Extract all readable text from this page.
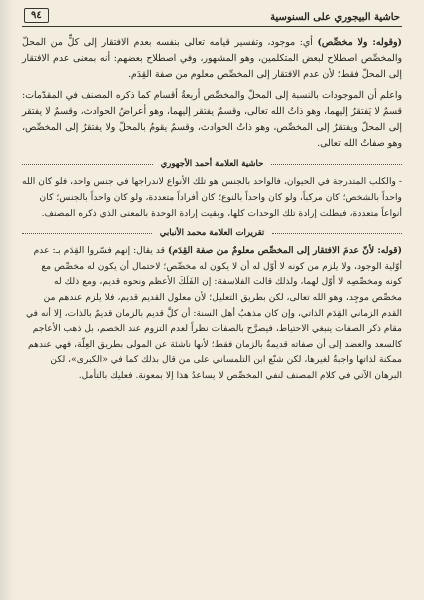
حاشية البيجوري على السنوسية
٩٤

(وقوله: ولا مخصِّص) أي: موجود، وتفسير قيامه تعالى بنفسه بعدم الافتقار إلى كلٍّ من المحلّ والمخصِّص اصطلاح لبعض المتكلمين، وهو المشهور، وفي اصطلاح بعضهم: أنه بمعنى عدم الافتقار إلى المحلّ فقط؛ لأن عدم الافتقار إلى المخصِّص معلوم من صفة القِدَم.

واعلم أن الموجودات بالنسبة إلى المحلّ والمخصِّص أربعةُ أقسام كما ذكره المصنف في المقدّمات: قسمٌ لا يَفتقرُ إليهما، وهو ذاتُ الله تعالى، وقسمٌ يفتقر إليهما، وهو أعراضُ الحوادث، وقسمٌ لا يفتقر إلى المحلّ ويفتقرُ إلى المخصِّص، وهو ذاتُ الحوادث، وقسمٌ يقومُ بالمحلّ ولا يفتقرُ إلى المخصِّص، وهو صفاتُ الله تعالى.

حاشية العلامة أحمد الأجهوري
- والكلب المتدرجة في الحيوان، فالواحد بالجنس هو تلك الأنواع لاندراجها في جنس واحد، فلو كان الله واحداً بالشخص؛ كان مركباً، ولو كان واحداً بالنوع؛ كان أفراداً متعددة، ولو كان واحداً بالجنس؛ كان أنواعاً متعددة، فبطلت إرادة تلك الوحدات كلها، وبقيت إرادة الوحدة بالمعنى الذي ذكره المصنف.
تقريرات العلامة محمد الأنبابي
(قوله: لأنّ عدمَ الافتقار إلى المخصِّص معلومٌ من صفة القِدَم) قد يقال: إنهم فسّروا القِدَم بـ: عدم أوّلية الوجود، ولا يلزم من كونه لا أوّل له أن لا يكون له مخصِّص؛ لاحتمال أن يكون له مخصِّص مع كونه ومخصِّصِه لا أوّل لهما، ولذلك قالت الفلاسفة: إن الفَلَكَ الأعظم ونحوه قديم، ومع ذلك له مخصِّص موجِد، وهو الله تعالى، لكن بطريق التعليل؛ لأن معلول القديم قديم، فلا يلزم عندهم من القدم الزماني القِدَم الذاتي، وإن كان مذهبُ أهل السنة: أن كلَّ قديم بالزمان قديمٌ بالذات، إلا أنه في مقام ذكر الصفات ينبغي الاحتياط، فيصرَّح بالصفات نظراً لعدم التزوم عند الخصم، بل ذهب الأعاجم كالسعد والعضد إلى أن صفاته قديمةٌ بالزمان فقط؛ لأنها ناشئة عن المولى بطريق العِلّة، فهي عندهم ممكنة لذاتها واجبةٌ لغيرها، لكن شنّع ابن التلمساني على من قال بذلك كما في «الكبرى»، لكن البرهان الآتي في كلام المصنف لنفي المخصِّص لا يساعدُ هذا إلا بمعونة. فعليك بالتأمل.
